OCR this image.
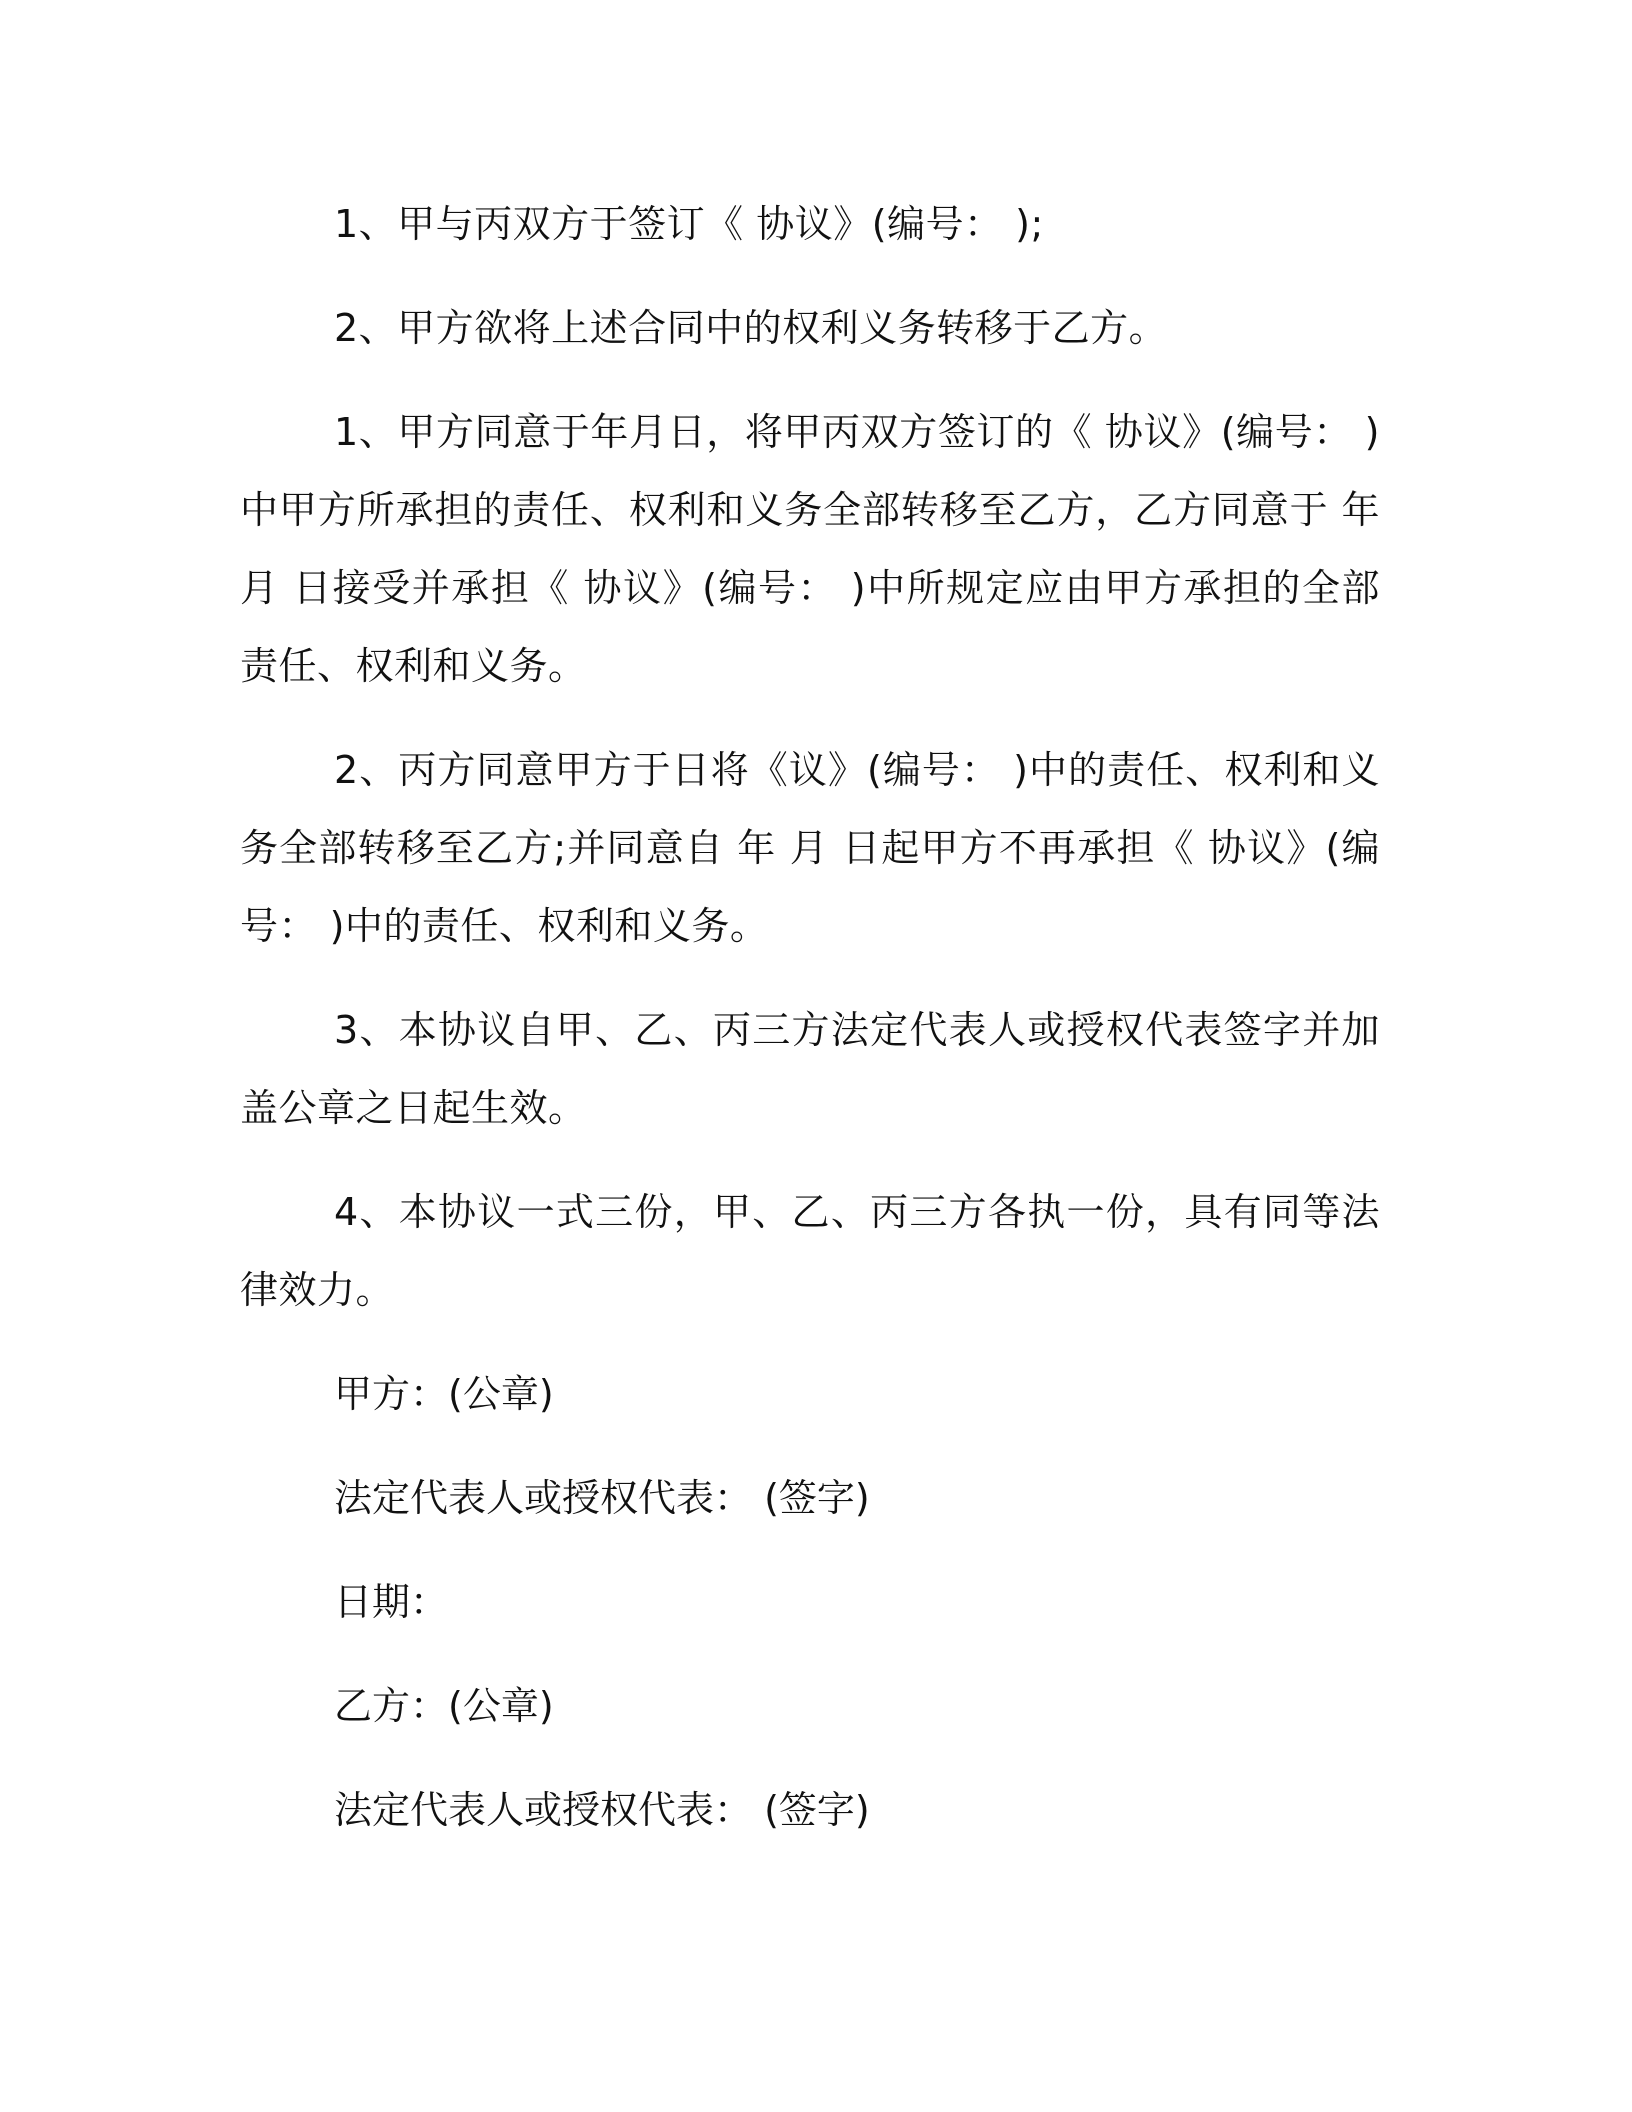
1、甲与丙双方于签订《 协议》(编号： );

2、甲方欲将上述合同中的权利义务转移于乙方。

1、甲方同意于年月日，将甲丙双方签订的《 协议》(编号： )中甲方所承担的责任、权利和义务全部转移至乙方，乙方同意于 年 月 日接受并承担《 协议》(编号： )中所规定应由甲方承担的全部责任、权利和义务。

2、丙方同意甲方于日将《议》(编号： )中的责任、权利和义务全部转移至乙方;并同意自 年 月 日起甲方不再承担《 协议》(编号： )中的责任、权利和义务。

3、本协议自甲、乙、丙三方法定代表人或授权代表签字并加盖公章之日起生效。

4、本协议一式三份，甲、乙、丙三方各执一份，具有同等法律效力。

甲方：(公章)
法定代表人或授权代表： (签字)
日期：
乙方：(公章)
法定代表人或授权代表： (签字)
